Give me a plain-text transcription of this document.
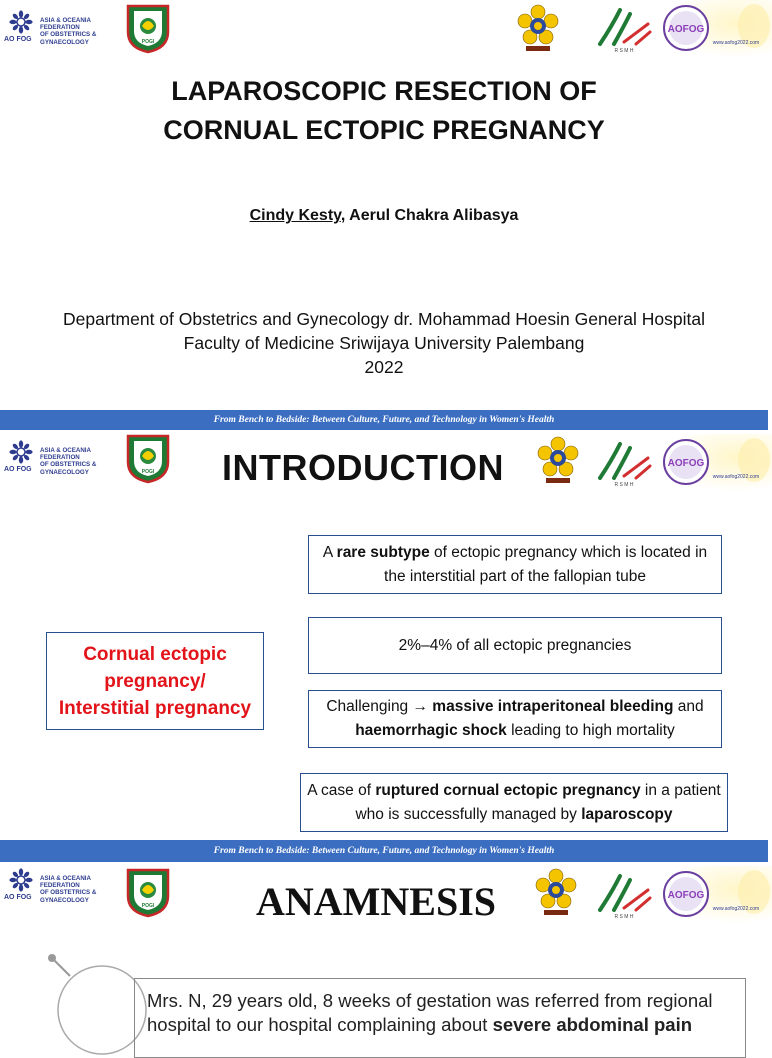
ASIA & OCEANIA FEDERATION
OF OBSTETRICS & GYNAECOLOGY
AO FOG	POGI
R S M H
AOFOG
www.aofog2022.com
LAPAROSCOPIC RESECTION OF
CORNUAL ECTOPIC PREGNANCY
Cindy Kesty, Aerul Chakra Alibasya
Department of Obstetrics and Gynecology dr. Mohammad Hoesin General Hospital
Faculty of Medicine Sriwijaya University Palembang
2022
From Bench to Bedside: Between Culture, Future, and Technology in Women's Health
ASIA & OCEANIA FEDERATION
OF OBSTETRICS & GYNAECOLOGY
AO FOG	POGI INTRODUCTION	R S M H
AOFOG
www.aofog2022.com
Cornual ectopic
pregnancy/
Interstitial pregnancy
A rare subtype of ectopic pregnancy which is located in the interstitial part of the fallopian tube
2%–4% of all ectopic pregnancies
Challenging → massive intraperitoneal bleeding and haemorrhagic shock leading to high mortality
A case of ruptured cornual ectopic pregnancy in a patient who is successfully managed by laparoscopy
From Bench to Bedside: Between Culture, Future, and Technology in Women's Health
ASIA & OCEANIA FEDERATION
OF OBSTETRICS & GYNAECOLOGY
AO FOG
POGI	ANAMNESIS	R S M H
AOFOG
www.aofog2022.com
Mrs. N, 29 years old, 8 weeks of gestation was referred from regional hospital to our hospital complaining about severe abdominal pain
